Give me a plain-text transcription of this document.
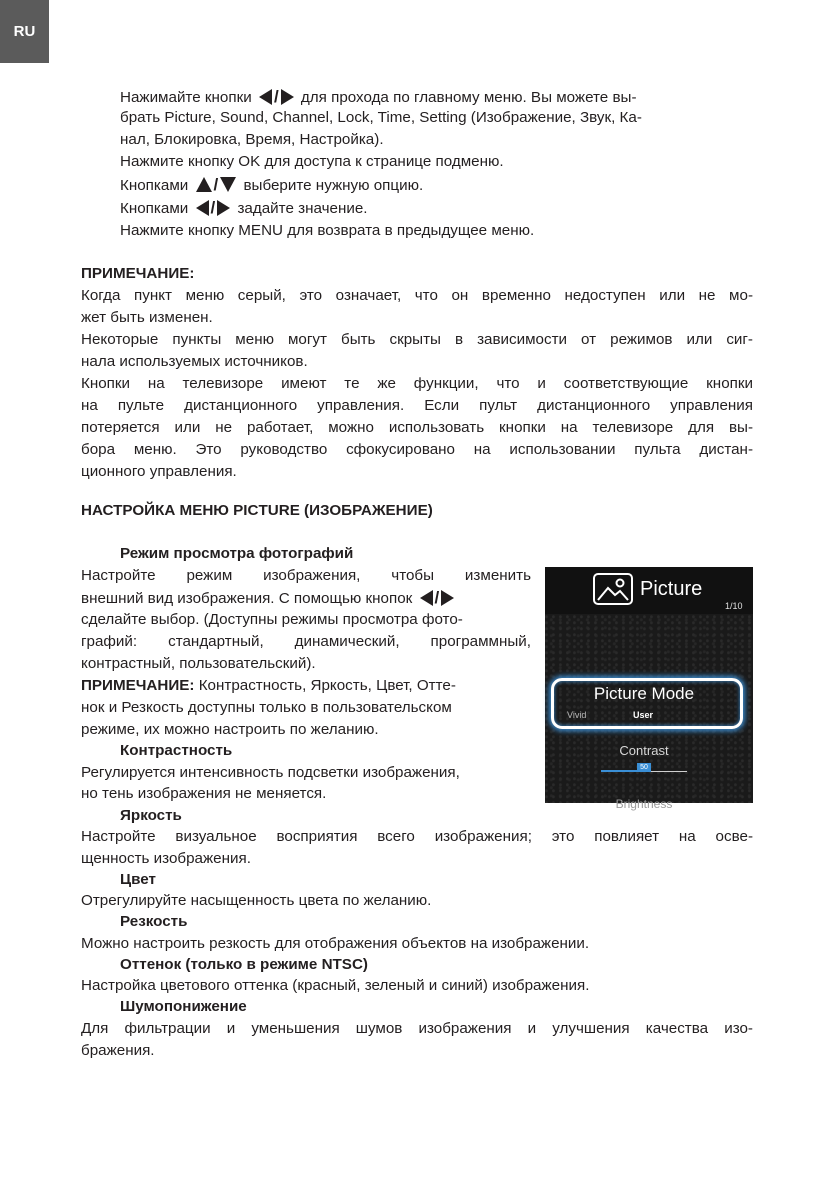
RU

Нажимайте кнопки / для прохода по главному меню. Вы можете вы-

брать Picture, Sound, Channel, Lock, Time, Setting (Изображение, Звук, Ка-

нал, Блокировка, Время, Настройка).

Нажмите кнопку OK для доступа к странице подменю.

Кнопками / выберите нужную опцию.

Кнопками / задайте значение.

Нажмите кнопку MENU для возврата в предыдущее меню.

ПРИМЕЧАНИЕ:

Когда пункт меню серый, это означает, что он временно недоступен или не мо-

жет быть изменен.

Некоторые пункты меню могут быть скрыты в зависимости от режимов или сиг-

нала используемых источников.

Кнопки на телевизоре имеют те же функции, что и соответствующие кнопки

на пульте дистанционного управления. Если пульт дистанционного управления

потеряется или не работает, можно использовать кнопки на телевизоре для вы-

бора меню. Это руководство сфокусировано на использовании пульта дистан-

ционного управления.

НАСТРОЙКА МЕНЮ PICTURE (ИЗОБРАЖЕНИЕ)

Режим просмотра фотографий

Настройте режим изображения, чтобы изменить

внешний вид изображения. С помощью кнопок /

сделайте выбор. (Доступны режимы просмотра фото-

графий: стандартный, динамический, программный,

контрастный, пользовательский).

ПРИМЕЧАНИЕ: Контрастность, Яркость, Цвет, Отте-

нок и Резкость доступны только в пользовательском

режиме, их можно настроить по желанию.

Контрастность

Регулируется интенсивность подсветки изображения,

но тень изображения не меняется.

Яркость

Настройте визуальное восприятия всего изображения; это повлияет на осве-

щенность изображения.

Цвет

Отрегулируйте насыщенность цвета по желанию.

Резкость

Можно настроить резкость для отображения объектов на изображении.

Оттенок (только в режиме NTSC)

Настройка цветового оттенка (красный, зеленый и синий) изображения.

Шумопонижение

Для фильтрации и уменьшения шумов изображения и улучшения качества изо-

бражения.

Picture
1/10
Picture Mode
Vivid	User
Contrast
50
Brightness
